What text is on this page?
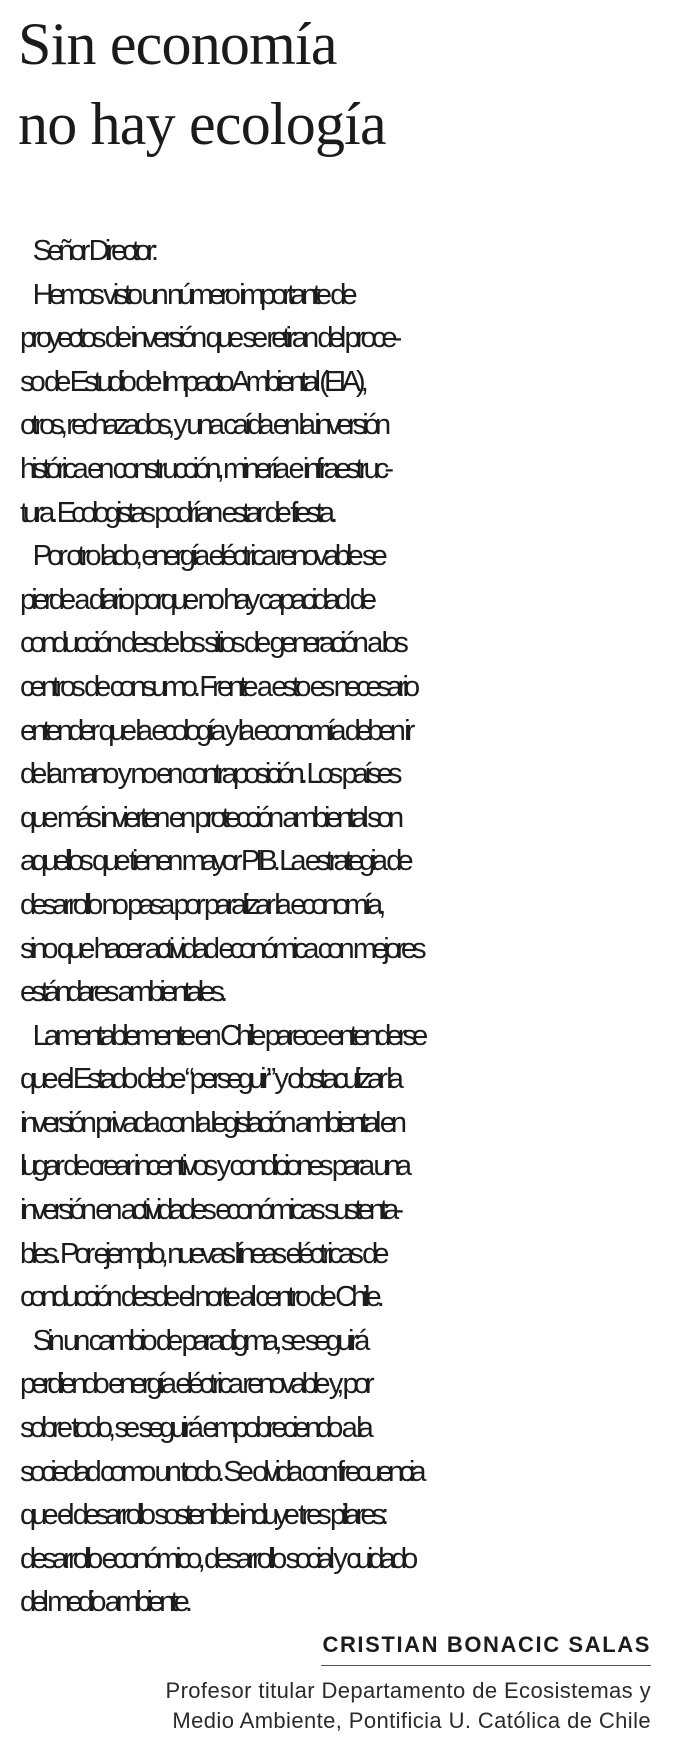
Sin economía
no hay ecología
Señor Director:
Hemos visto un número importante de
proyectos de inversión que se retiran del proce-
so de Estudio de Impacto Ambiental (EIA),
otros, rechazados, y una caída en la inversión
histórica en construcción, minería e infraestruc-
tura. Ecologistas podrían estar de fiesta.
Por otro lado, energía eléctrica renovable se
pierde a diario porque no hay capacidad de
conducción desde los sitios de generación a los
centros de consumo. Frente a esto es necesario
entender que la ecología y la economía deben ir
de la mano y no en contraposición. Los países
que más invierten en protección ambiental son
aquellos que tienen mayor PIB. La estrategia de
desarrollo no pasa por paralizar la economía,
sino que hacer actividad económica con mejores
estándares ambientales.
Lamentablemente en Chile parece entenderse
que el Estado debe “perseguir” y obstaculizar la
inversión privada con la legislación ambiental en
lugar de crear incentivos y condiciones para una
inversión en actividades económicas sustenta-
bles. Por ejemplo, nuevas líneas eléctricas de
conducción desde el norte al centro de Chile.
Sin un cambio de paradigma, se seguirá
perdiendo energía eléctrica renovable y, por
sobre todo, se seguirá empobreciendo a la
sociedad como un todo. Se olvida con frecuencia
que el desarrollo sostenible incluye tres pilares:
desarrollo económico, desarrollo social y cuidado
del medio ambiente.
CRISTIAN BONACIC SALAS
Profesor titular Departamento de Ecosistemas y
Medio Ambiente, Pontificia U. Católica de Chile
